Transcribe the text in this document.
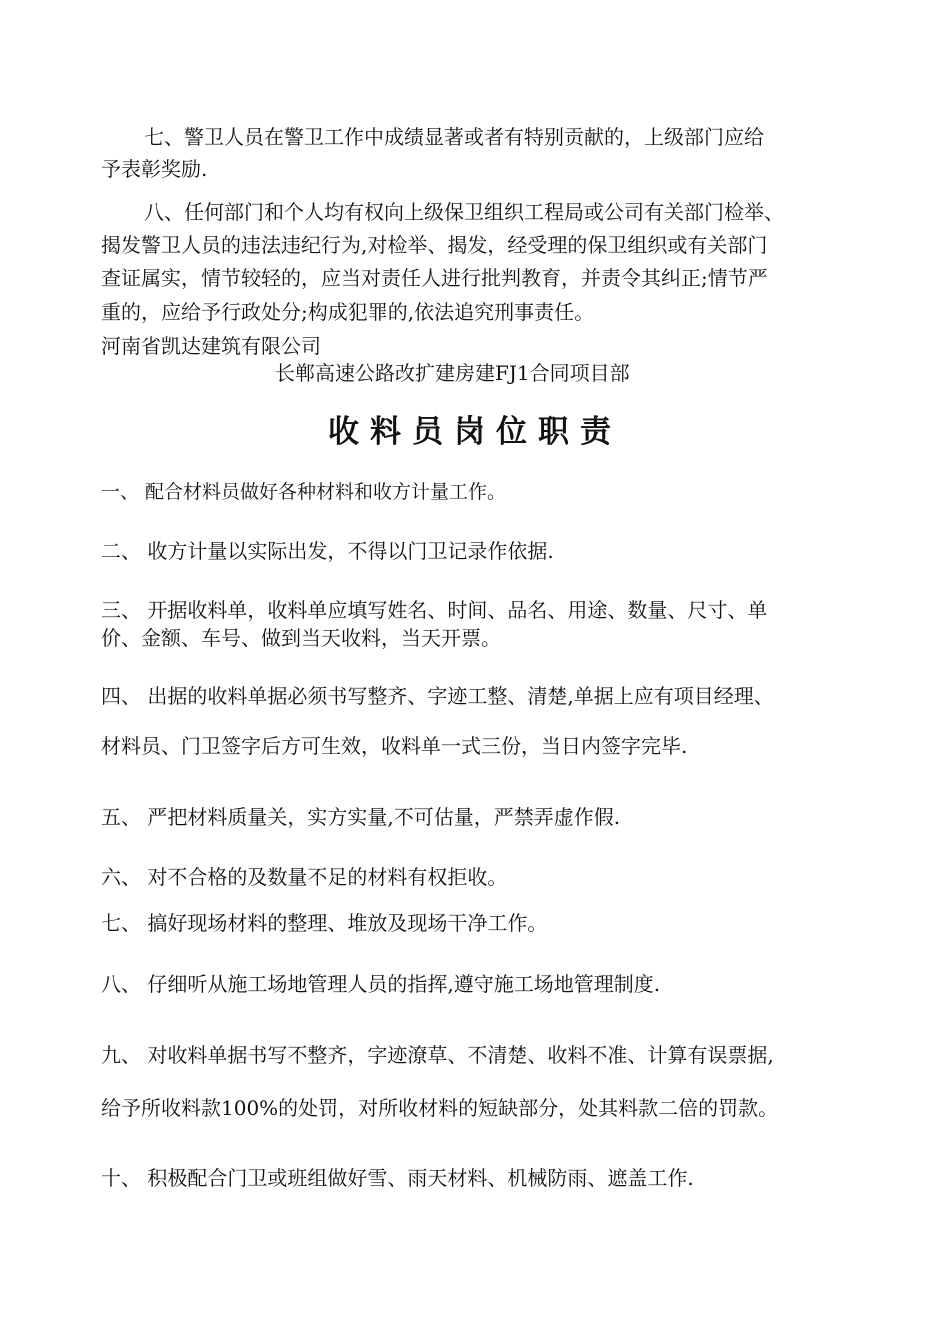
七、警卫人员在警卫工作中成绩显著或者有特别贡献的，上级部门应给
予表彰奖励.
八、任何部门和个人均有权向上级保卫组织工程局或公司有关部门检举、
揭发警卫人员的违法违纪行为,对检举、揭发，经受理的保卫组织或有关部门
查证属实，情节较轻的，应当对责任人进行批判教育，并责令其纠正;情节严
重的，应给予行政处分;构成犯罪的,依法追究刑事责任。
河南省凯达建筑有限公司
长郸高速公路改扩建房建FJ1合同项目部
收料员岗位职责
一、 配合材料员做好各种材料和收方计量工作。
二、 收方计量以实际出发，不得以门卫记录作依据.
三、 开据收料单，收料单应填写姓名、时间、品名、用途、数量、尺寸、单
价、金额、车号、做到当天收料，当天开票。
四、 出据的收料单据必须书写整齐、字迹工整、清楚,单据上应有项目经理、
材料员、门卫签字后方可生效，收料单一式三份，当日内签字完毕.
五、 严把材料质量关，实方实量,不可估量，严禁弄虚作假.
六、 对不合格的及数量不足的材料有权拒收。
七、 搞好现场材料的整理、堆放及现场干净工作。
八、 仔细听从施工场地管理人员的指挥,遵守施工场地管理制度.
九、 对收料单据书写不整齐，字迹潦草、不清楚、收料不准、计算有误票据,
给予所收料款100%的处罚，对所收材料的短缺部分，处其料款二倍的罚款。
十、 积极配合门卫或班组做好雪、雨天材料、机械防雨、遮盖工作.
